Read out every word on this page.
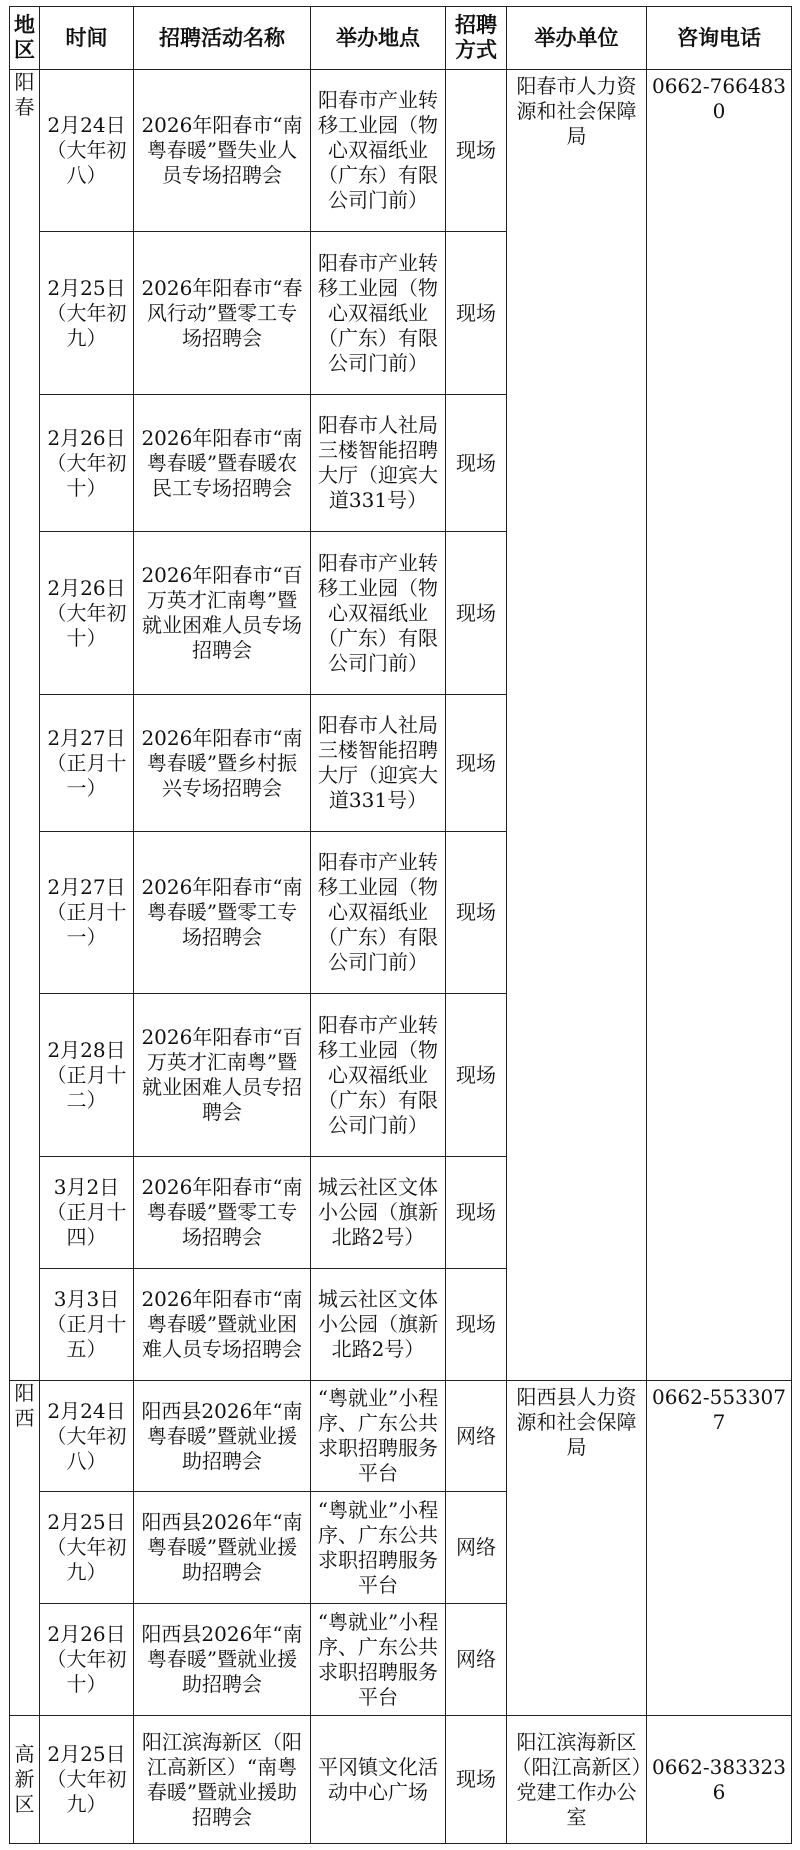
地区	时间	招聘活动名称	举办地点	招聘方式	举办单位	咨询电话
阳春	2月24日（大年初八）	2026年阳春市“南粤春暖”暨失业人员专场招聘会	阳春市产业转移工业园（物心双福纸业（广东）有限公司门前）	现场	阳春市人力资源和社会保障局	0662-7664830
	2月25日（大年初九）	2026年阳春市“春风行动”暨零工专场招聘会	阳春市产业转移工业园（物心双福纸业（广东）有限公司门前）	现场		
	2月26日（大年初十）	2026年阳春市“南粤春暖”暨春暖农民工专场招聘会	阳春市人社局三楼智能招聘大厅（迎宾大道331号）	现场		
	2月26日（大年初十）	2026年阳春市“百万英才汇南粤”暨就业困难人员专场招聘会	阳春市产业转移工业园（物心双福纸业（广东）有限公司门前）	现场		
	2月27日（正月十一）	2026年阳春市“南粤春暖”暨乡村振兴专场招聘会	阳春市人社局三楼智能招聘大厅（迎宾大道331号）	现场		
	2月27日（正月十一）	2026年阳春市“南粤春暖”暨零工专场招聘会	阳春市产业转移工业园（物心双福纸业（广东）有限公司门前）	现场		
	2月28日（正月十二）	2026年阳春市“百万英才汇南粤”暨就业困难人员专招聘会	阳春市产业转移工业园（物心双福纸业（广东）有限公司门前）	现场		
	3月2日（正月十四）	2026年阳春市“南粤春暖”暨零工专场招聘会	城云社区文体小公园（旗新北路2号）	现场		
	3月3日（正月十五）	2026年阳春市“南粤春暖”暨就业困难人员专场招聘会	城云社区文体小公园（旗新北路2号）	现场		
阳西	2月24日（大年初八）	阳西县2026年“南粤春暖”暨就业援助招聘会	“粤就业”小程序、广东公共求职招聘服务平台	网络	阳西县人力资源和社会保障局	0662-5533077
	2月25日（大年初九）	阳西县2026年“南粤春暖”暨就业援助招聘会	“粤就业”小程序、广东公共求职招聘服务平台	网络		
	2月26日（大年初十）	阳西县2026年“南粤春暖”暨就业援助招聘会	“粤就业”小程序、广东公共求职招聘服务平台	网络		
高新区	2月25日（大年初九）	阳江滨海新区（阳江高新区）“南粤春暖”暨就业援助招聘会	平冈镇文化活动中心广场	现场	阳江滨海新区（阳江高新区）党建工作办公室	0662-3833236
